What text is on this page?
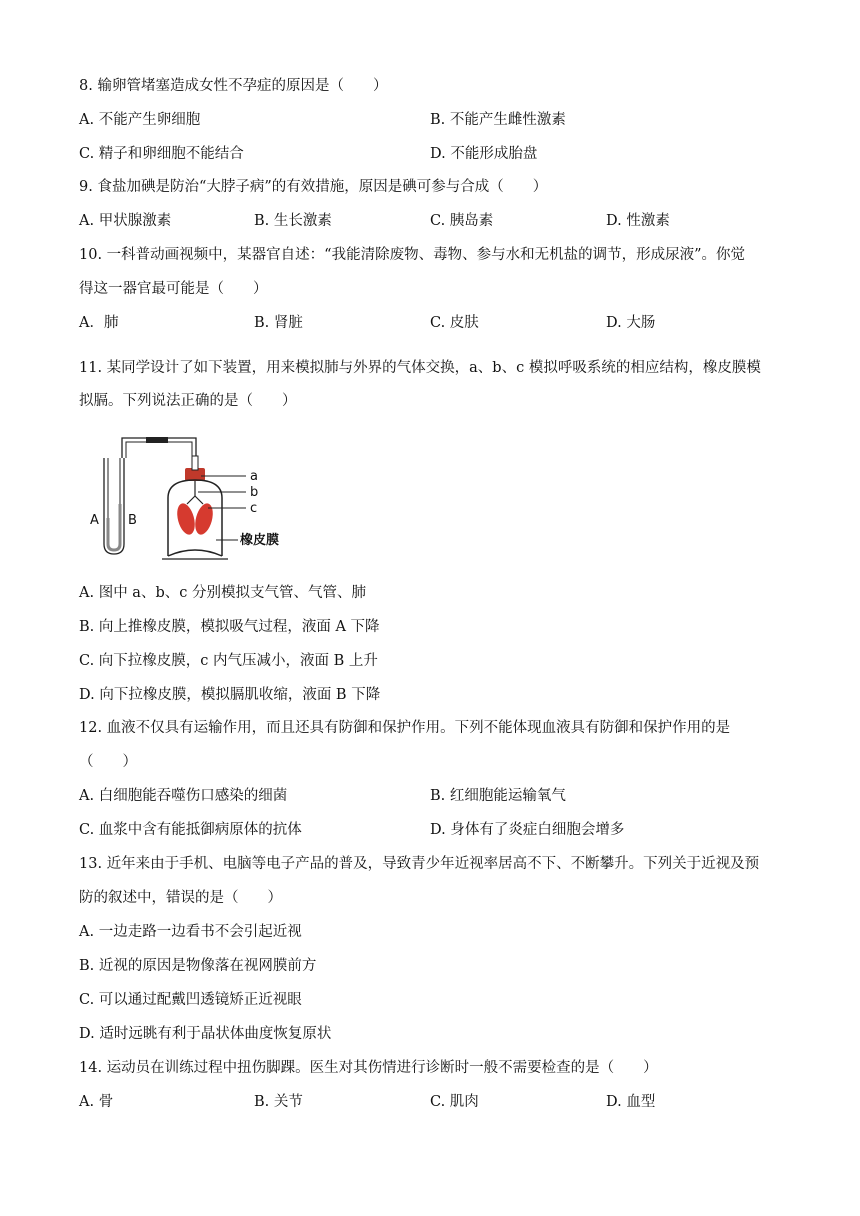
8. 输卵管堵塞造成女性不孕症的原因是（　　）
A. 不能产生卵细胞	B. 不能产生雌性激素
C. 精子和卵细胞不能结合	D. 不能形成胎盘
9. 食盐加碘是防治“大脖子病”的有效措施，原因是碘可参与合成（　　）
A. 甲状腺激素	B. 生长激素	C. 胰岛素	D. 性激素
10. 一科普动画视频中，某器官自述：“我能清除废物、毒物、参与水和无机盐的调节，形成尿液”。你觉
得这一器官最可能是（　　）
A．肺	B. 肾脏	C. 皮肤	D. 大肠
11. 某同学设计了如下装置，用来模拟肺与外界的气体交换，a、b、c 模拟呼吸系统的相应结构，橡皮膜模
拟膈。下列说法正确的是（　　）
a
b
c
橡皮膜
A B
A. 图中 a、b、c 分别模拟支气管、气管、肺
B. 向上推橡皮膜，模拟吸气过程，液面 A 下降
C. 向下拉橡皮膜，c 内气压减小，液面 B 上升
D. 向下拉橡皮膜，模拟膈肌收缩，液面 B 下降
12. 血液不仅具有运输作用，而且还具有防御和保护作用。下列不能体现血液具有防御和保护作用的是
（　　）
A. 白细胞能吞噬伤口感染的细菌	B. 红细胞能运输氧气
C. 血浆中含有能抵御病原体的抗体	D. 身体有了炎症白细胞会增多
13. 近年来由于手机、电脑等电子产品的普及，导致青少年近视率居高不下、不断攀升。下列关于近视及预
防的叙述中，错误的是（　　）
A. 一边走路一边看书不会引起近视
B. 近视的原因是物像落在视网膜前方
C. 可以通过配戴凹透镜矫正近视眼
D. 适时远眺有利于晶状体曲度恢复原状
14. 运动员在训练过程中扭伤脚踝。医生对其伤情进行诊断时一般不需要检查的是（　　）
A. 骨	B. 关节	C. 肌肉	D. 血型
